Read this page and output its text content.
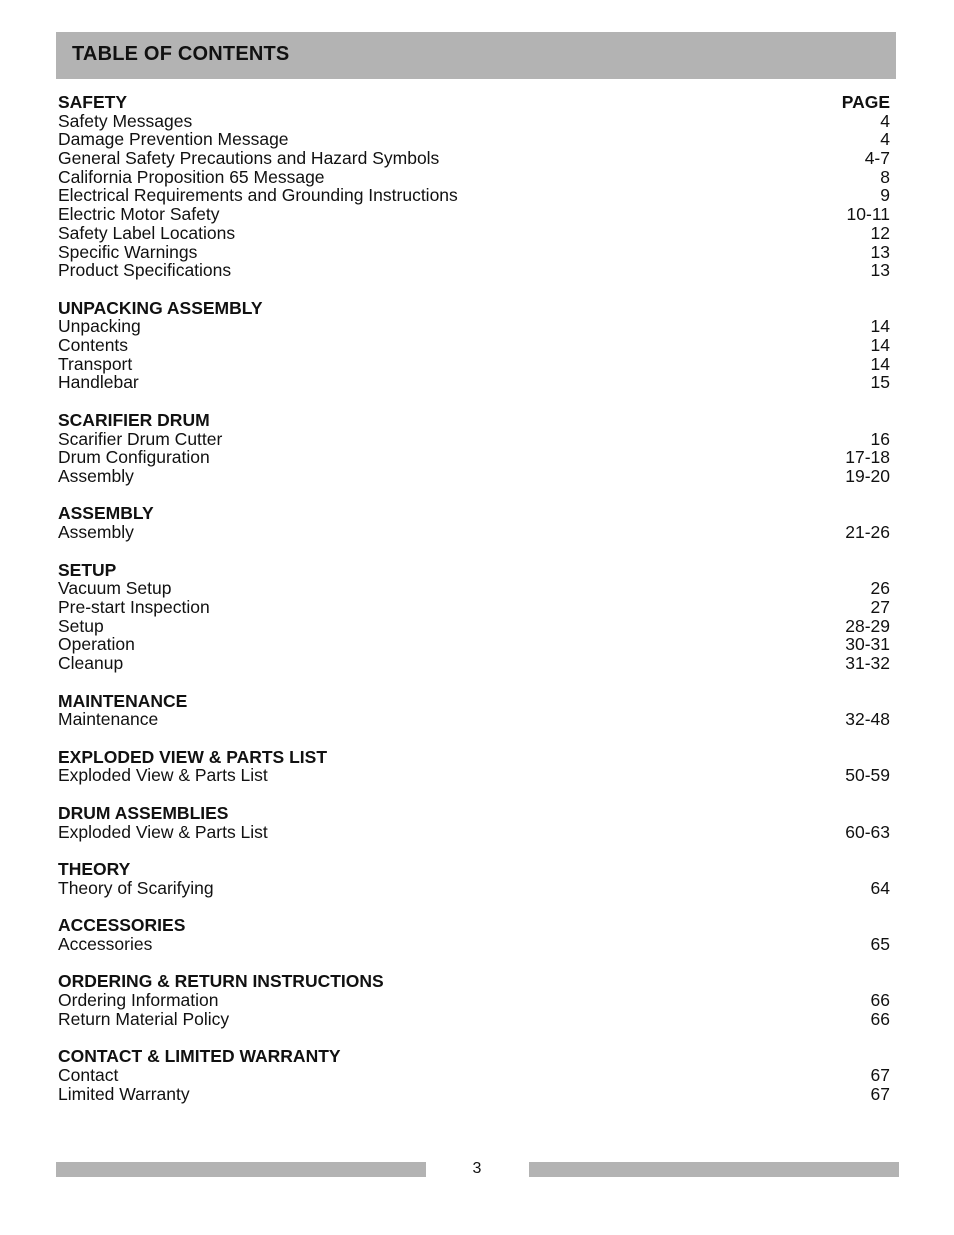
TABLE OF CONTENTS
SAFETY	PAGE
Safety Messages	4
Damage Prevention Message	4
General Safety Precautions and Hazard Symbols	4-7
California Proposition 65 Message	8
Electrical Requirements and Grounding Instructions	9
Electric Motor Safety	10-11
Safety Label Locations	12
Specific Warnings	13
Product Specifications	13
UNPACKING ASSEMBLY
Unpacking	14
Contents	14
Transport	14
Handlebar	15
SCARIFIER DRUM
Scarifier Drum Cutter	16
Drum Configuration	17-18
Assembly	19-20
ASSEMBLY
Assembly	21-26
SETUP
Vacuum Setup	26
Pre-start Inspection	27
Setup	28-29
Operation	30-31
Cleanup	31-32
MAINTENANCE
Maintenance	32-48
EXPLODED VIEW & PARTS LIST
Exploded View & Parts List	50-59
DRUM ASSEMBLIES
Exploded View & Parts List	60-63
THEORY
Theory of Scarifying	64
ACCESSORIES
Accessories	65
ORDERING & RETURN INSTRUCTIONS
Ordering Information	66
Return Material Policy	66
CONTACT & LIMITED WARRANTY
Contact	67
Limited Warranty	67
3
